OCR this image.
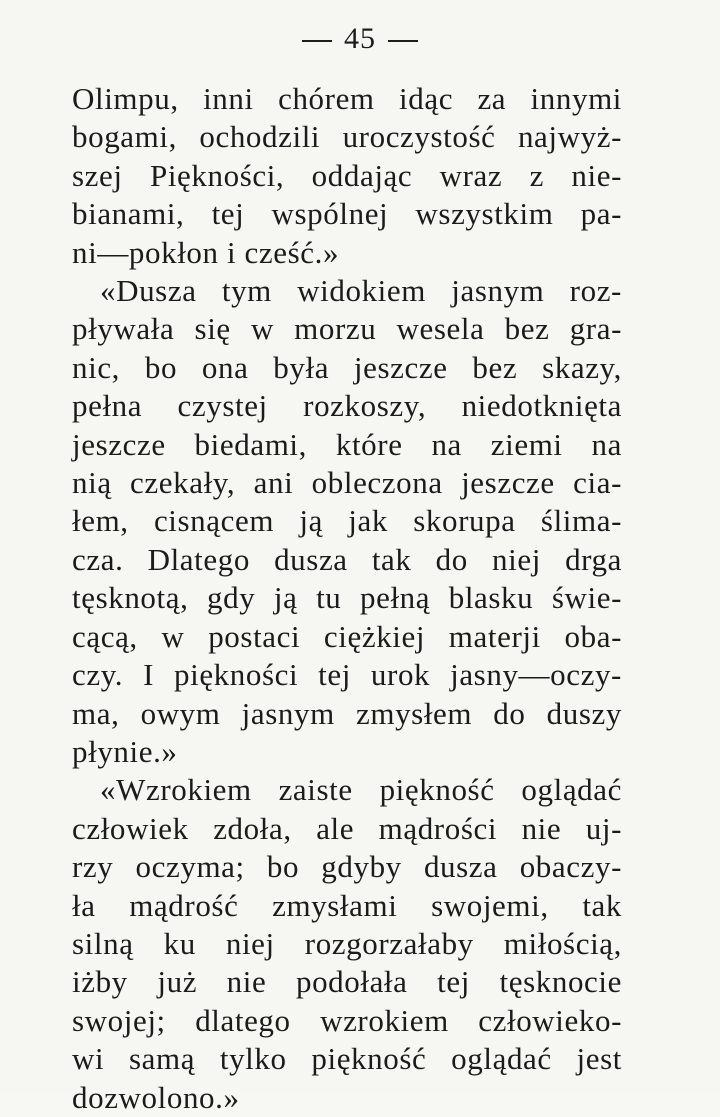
45
Olimpu, inni chórem idąc za innymi
bogami, ochodzili uroczystość najwyż-
szej Piękności, oddając wraz z nie-
bianami, tej wspólnej wszystkim pa-
ni—pokłon i cześć.»
«Dusza tym widokiem jasnym roz-
pływała się w morzu wesela bez gra-
nic, bo ona była jeszcze bez skazy,
pełna czystej rozkoszy, niedotknięta
jeszcze biedami, które na ziemi na
nią czekały, ani obleczona jeszcze cia-
łem, cisnącem ją jak skorupa ślima-
cza. Dlatego dusza tak do niej drga
tęsknotą, gdy ją tu pełną blasku świe-
cącą, w postaci ciężkiej materji oba-
czy. I piękności tej urok jasny—oczy-
ma, owym jasnym zmysłem do duszy
płynie.»
«Wzrokiem zaiste piękność oglądać
człowiek zdoła, ale mądrości nie uj-
rzy oczyma; bo gdyby dusza obaczy-
ła mądrość zmysłami swojemi, tak
silną ku niej rozgorzałaby miłością,
iżby już nie podołała tej tęsknocie
swojej; dlatego wzrokiem człowieko-
wi samą tylko piękność oglądać jest
dozwolono.»
